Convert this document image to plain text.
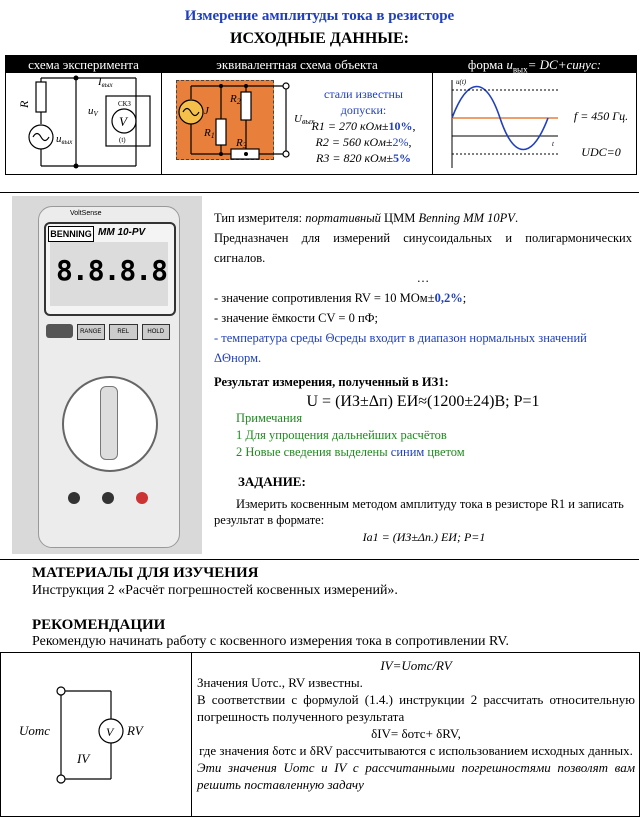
Измерение амплитуды тока в резисторе
ИСХОДНЫЕ ДАННЫЕ:
схема эксперимента	эквивалентная схема объекта	форма $u_{вых}=$ DC+синус:
R
Iвых
uV
uвых
СКЗ
V
(t)
R2
R1
R3
J
Uвых
стали известны
допуски:
R1 = 270 кОм±10%,
R2 = 560 кОм±2%,
R3 = 820 кОм±5%
u(t)
t
f = 450 Гц.
UDC=0
VoltSense
BENNING MM 10-PV
8.8.8.8
RANGE	REL	HOLD
Тип измерителя: портативный ЦММ Benning MM 10PV.
Предназначен для измерений синусоидальных и полигармонических сигналов.
…
- значение сопротивления RV = 10 МОм±0,2%;
- значение ёмкости CV = 0 пФ;
- температура среды Θсреды входит в диапазон нормальных значений ΔΘнорм.
Результат измерения, полученный в ИЗ1:
U = (ИЗ±Δп) ЕИ≈(1200±24)В; P=1
Примечания
1 Для упрощения дальнейших расчётов
2 Новые сведения выделены синим цветом
ЗАДАНИЕ:
Измерить косвенным методом амплитуду тока в резисторе R1 и записать результат в формате:
Ia1 = (ИЗ±Δп.) ЕИ; P=1
МАТЕРИАЛЫ ДЛЯ ИЗУЧЕНИЯ
Инструкция 2 «Расчёт погрешностей косвенных измерений».
РЕКОМЕНДАЦИИ
Рекомендую начинать работу с косвенного измерения тока в сопротивлении RV.
V RV
Uотс
IV
IV=Uотс/RV
Значения Uотс., RV известны.
В соответствии с формулой (1.4.) инструкции 2 рассчитать относительную погрешность полученного результата
δIV= δотс+ δRV,
где значения δотс и δRV рассчитываются с использованием исходных данных.
Эти значения Uотс и IV с рассчитанными погрешностями позволят вам решить поставленную задачу
